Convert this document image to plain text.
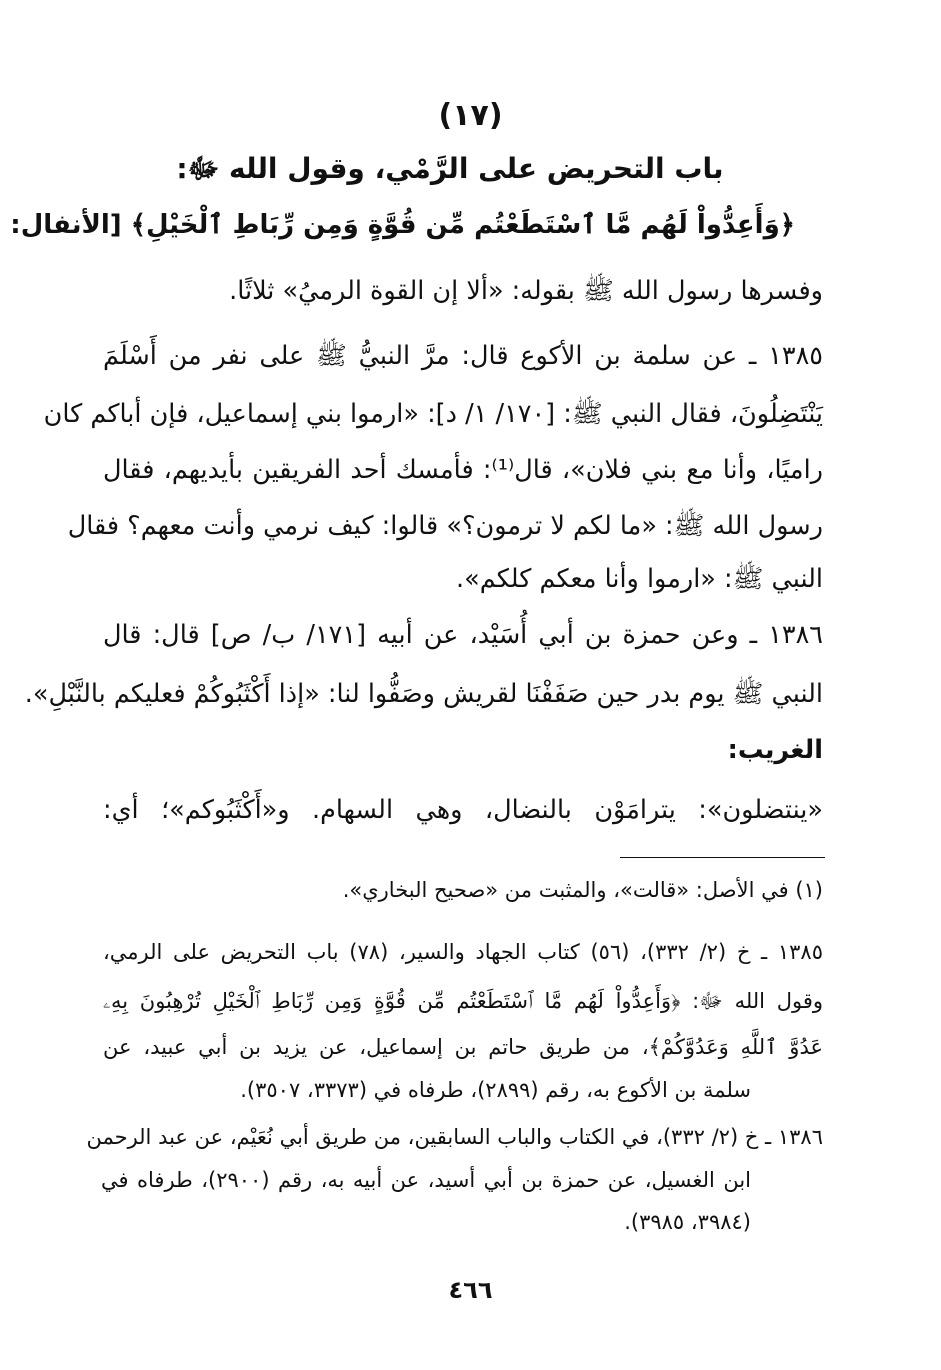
(١٧)
باب التحريض على الرَّمْي، وقول الله ﷻ:
﴿وَأَعِدُّواْ لَهُم مَّا ٱسْتَطَعْتُم مِّن قُوَّةٍ وَمِن رِّبَاطِ ٱلْخَيْلِ﴾ [الأنفال:
وفسرها رسول الله ﷺ بقوله: «ألا إن القوة الرميُ» ثلاثًا.
١٣٨٥ ـ عن سلمة بن الأكوع قال: مرَّ النبيُّ ﷺ على نفر من أَسْلَمَ
يَنْتَضِلُونَ، فقال النبي ﷺ: [١٧٠/ ١/ د]: «ارموا بني إسماعيل، فإن أباكم كان
راميًا، وأنا مع بني فلان»، قال⁽¹⁾: فأمسك أحد الفريقين بأيديهم، فقال
رسول الله ﷺ: «ما لكم لا ترمون؟» قالوا: كيف نرمي وأنت معهم؟ فقال
النبي ﷺ: «ارموا وأنا معكم كلكم».
١٣٨٦ ـ وعن حمزة بن أبي أُسَيْد، عن أبيه [١٧١/ ب/ ص] قال: قال
النبي ﷺ يوم بدر حين صَفَفْنَا لقريش وصَفُّوا لنا: «إذا أَكْثَبُوكُمْ فعليكم بالنَّبْلِ».
الغريب:
«ينتضلون»: يترامَوْن بالنضال، وهي السهام. و«أَكْثَبُوكم»؛ أي:
(١) في الأصل: «قالت»، والمثبت من «صحيح البخاري».
١٣٨٥ ـ خ (٢/ ٣٣٢)، (٥٦) كتاب الجهاد والسير، (٧٨) باب التحريض على الرمي،
وقول الله ﷻ: ﴿وَأَعِدُّواْ لَهُم مَّا ٱسْتَطَعْتُم مِّن قُوَّةٍ وَمِن رِّبَاطِ ٱلْخَيْلِ تُرْهِبُونَ بِهِۦ
عَدُوَّ ٱللَّهِ وَعَدُوَّكُمْ﴾، من طريق حاتم بن إسماعيل، عن يزيد بن أبي عبيد، عن
سلمة بن الأكوع به، رقم (٢٨٩٩)، طرفاه في (٣٣٧٣، ٣٥٠٧).
١٣٨٦ ـ خ (٢/ ٣٣٢)، في الكتاب والباب السابقين، من طريق أبي نُعَيْم، عن عبد الرحمن
ابن الغسيل، عن حمزة بن أبي أسيد، عن أبيه به، رقم (٢٩٠٠)، طرفاه في
(٣٩٨٤، ٣٩٨٥).
٤٦٦
